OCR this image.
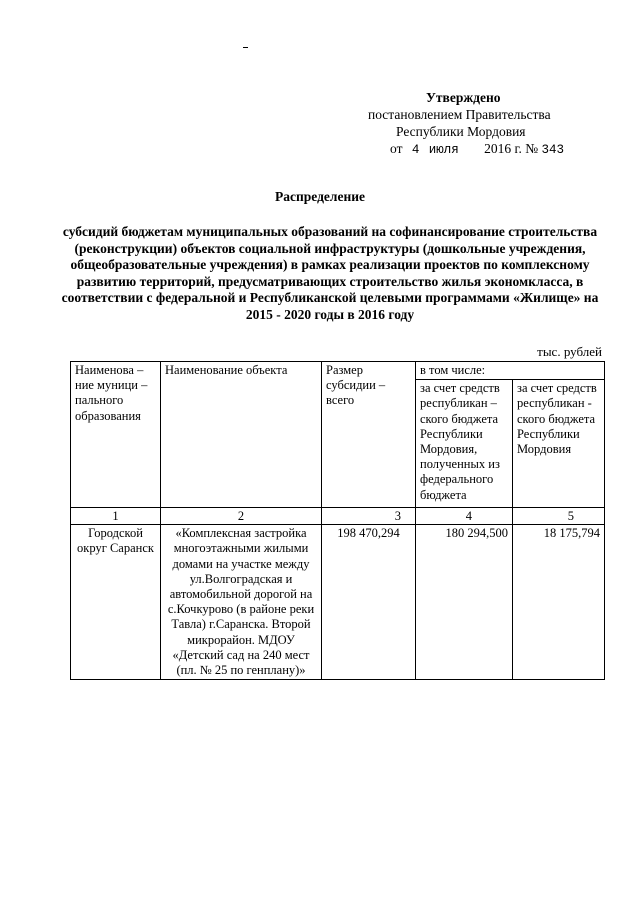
Утверждено
постановлением Правительства
Республики Мордовия
от 4 июля 2016 г. № 343
Распределение
субсидий бюджетам муниципальных образований на софинансирование строительства (реконструкции) объектов социальной инфраструктуры (дошкольные учреждения, общеобразовательные учреждения) в рамках реализации проектов по комплексному развитию территорий, предусматривающих строительство жилья экономкласса, в соответствии с федеральной и Республиканской целевыми программами «Жилище» на 2015 - 2020 годы в 2016 году
тыс. рублей
Наименова – ние муници – пального образования	Наименование объекта	Размер субсидии – всего	в том числе:	
			за счет средств республикан – ского бюджета Республики Мордовия, полученных из федерального бюджета	за счет средств республикан - ского бюджета Республики Мордовия
1	2	3	4	5
Городской округ Саранск	«Комплексная застройка многоэтажными жилыми домами на участке между ул.Волгоградская и автомобильной дорогой на с.Кочкурово (в районе реки Тавла) г.Саранска. Второй микрорайон. МДОУ «Детский сад на 240 мест (пл. № 25 по генплану)»	198 470,294	180 294,500	18 175,794
